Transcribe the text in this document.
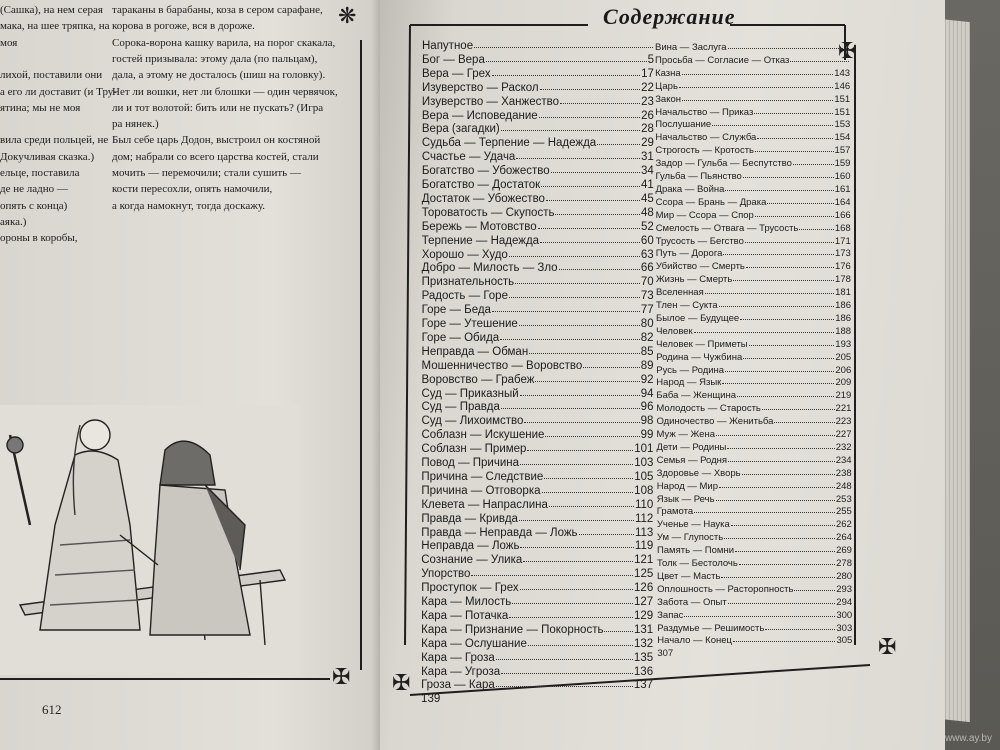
(Сашка), на нем серая
мака, на шее тряпка, на
моя
лихой, поставили они
а его ли доставит (и Тру-
ятина; мы не моя
вила среди польцей, не
Докучливая сказка.)
ельце, поставила
де не ладно —
опять с конца)
аяка.)
ороны в коробы,
тараканы в барабаны, коза в сером сарафане,
корова в рогоже, вся в дороже.
Сорока-ворона кашку варила, на порог скакала,
гостей призывала: этому дала (по пальцам),
дала, а этому не досталось (шиш на головку).
Нет ли вошки, нет ли блошки — один червячок,
ли и тот волотой: бить или не пускать? (Игра
ра нянек.)
Был себе царь Додон, выстроил он костяной
дом; набрали со всего царства костей, стали
мочить — перемочили; стали сушить —
кости пересохли, опять намочили,
а когда намокнут, тогда доскажу.
❋
✠
612
Содержание
✠
✠
✠
Напутное
Бог — Вера	5
Вера — Грех	17
Изуверство — Раскол	22
Изуверство — Ханжество	23
Вера — Исповедание	26
Вера (загадки)	28
Судьба — Терпение — Надежда	29
Счастье — Удача	31
Богатство — Убожество	34
Богатство — Достаток	41
Достаток — Убожество	45
Тороватость — Скупость	48
Бережь — Мотовство	52
Терпение — Надежда	60
Хорошо — Худо	63
Добро — Милость — Зло	66
Признательность	70
Радость — Горе	73
Горе — Беда	77
Горе — Утешение	80
Горе — Обида	82
Неправда — Обман	85
Мошенничество — Воровство	89
Воровство — Грабеж	92
Суд — Приказный	94
Суд — Правда	96
Суд — Лихоимство	98
Соблазн — Искушение	99
Соблазн — Пример	101
Повод — Причина	103
Причина — Следствие	105
Причина — Отговорка	108
Клевета — Напраслина	110
Правда — Кривда	112
Правда — Неправда — Ложь	113
Неправда — Ложь	119
Сознание — Улика	121
Упорство	125
Проступок — Грех	126
Кара — Милость	127
Кара — Потачка	129
Кара — Признание — Покорность	131
Кара — Ослушание	132
Кара — Гроза	135
Кара — Угроза	136
Гроза — Кара	137
139
Вина — Заслуга
Просьба — Согласие — Отказ
Казна	143
Царь	146
Закон	151
Начальство — Приказ	151
Послушание	153
Начальство — Служба	154
Строгость — Кротость	157
Задор — Гульба — Беспутство	159
Гульба — Пьянство	160
Драка — Война	161
Ссора — Брань — Драка	164
Мир — Ссора — Спор	166
Смелость — Отвага — Трусость	168
Трусость — Бегство	171
Путь — Дорога	173
Убийство — Смерть	176
Жизнь — Смерть	178
Вселенная	181
Тлен — Сукта	186
Былое — Будущее	186
Человек	188
Человек — Приметы	193
Родина — Чужбина	205
Русь — Родина	206
Народ — Язык	209
Баба — Женщина	219
Молодость — Старость	221
Одиночество — Женитьба	223
Муж — Жена	227
Дети — Родины	232
Семья — Родня	234
Здоровье — Хворь	238
Народ — Мир	248
Язык — Речь	253
Грамота	255
Ученье — Наука	262
Ум — Глупость	264
Память — Помни	269
Толк — Бестолочь	278
Цвет — Масть	280
Оплошность — Расторопность	293
Забота — Опыт	294
Запас	300
Раздумье — Решимость	303
Начало — Конец	305
307
www.ay.by
